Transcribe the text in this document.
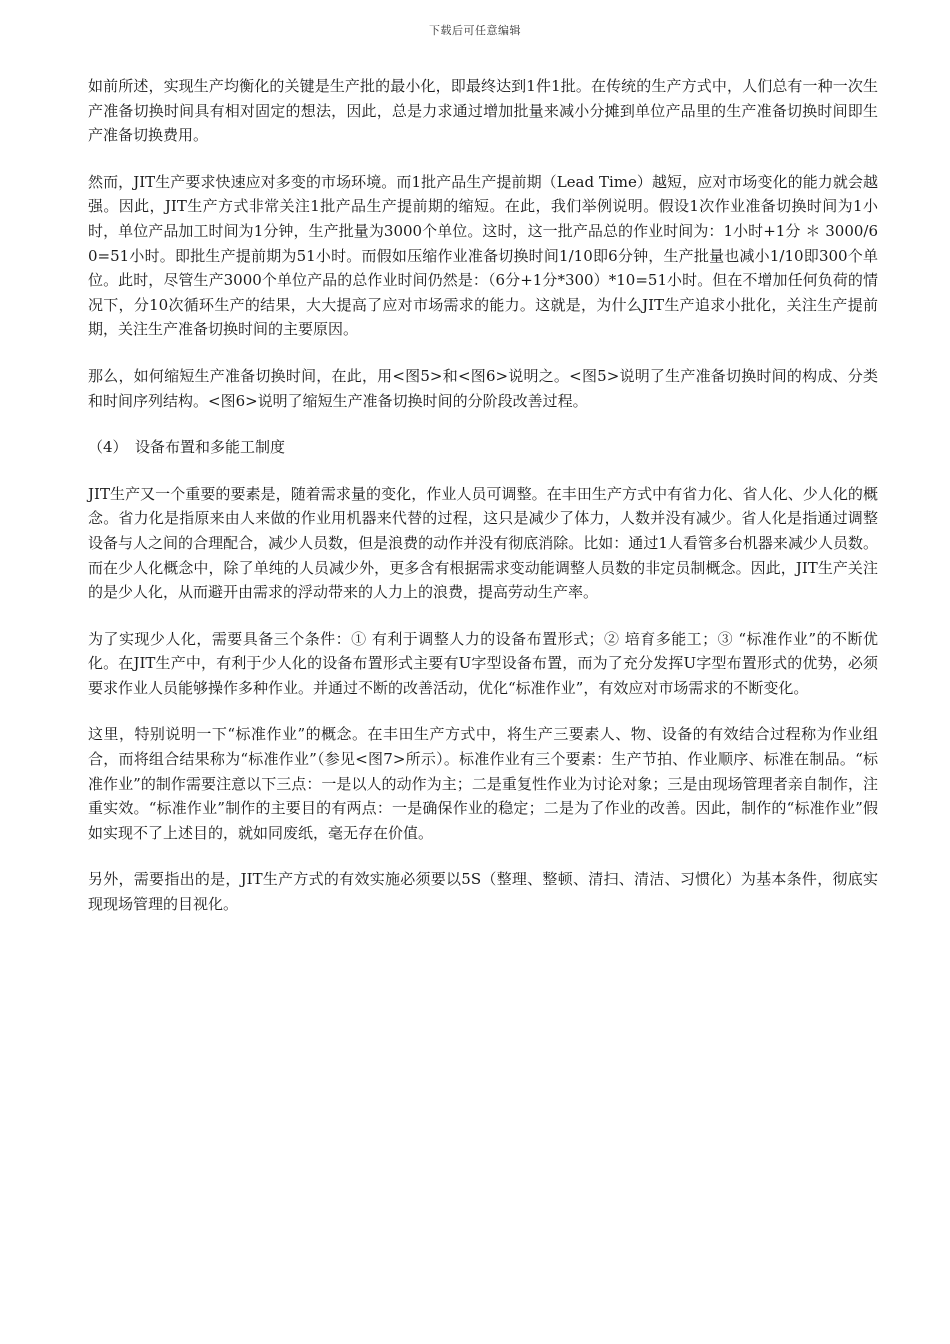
下载后可任意编辑

如前所述，实现生产均衡化的关键是生产批的最小化，即最终达到1件1批。在传统的生产方式中，人们总有一种一次生产准备切换时间具有相对固定的想法，因此，总是力求通过增加批量来减小分摊到单位产品里的生产准备切换时间即生产准备切换费用。

然而，JIT生产要求快速应对多变的市场环境。而1批产品生产提前期（Lead Time）越短，应对市场变化的能力就会越强。因此，JIT生产方式非常关注1批产品生产提前期的缩短。在此，我们举例说明。假设1次作业准备切换时间为1小时，单位产品加工时间为1分钟，生产批量为3000个单位。这时，这一批产品总的作业时间为：1小时+1分 ＊ 3000/60=51小时。即批生产提前期为51小时。而假如压缩作业准备切换时间1/10即6分钟，生产批量也减小1/10即300个单位。此时，尽管生产3000个单位产品的总作业时间仍然是：（6分+1分*300）*10=51小时。但在不增加任何负荷的情况下，分10次循环生产的结果，大大提高了应对市场需求的能力。这就是，为什么JIT生产追求小批化，关注生产提前期，关注生产准备切换时间的主要原因。

那么，如何缩短生产准备切换时间，在此，用<图5>和<图6>说明之。<图5>说明了生产准备切换时间的构成、分类和时间序列结构。<图6>说明了缩短生产准备切换时间的分阶段改善过程。

（4）　设备布置和多能工制度

JIT生产又一个重要的要素是，随着需求量的变化，作业人员可调整。在丰田生产方式中有省力化、省人化、少人化的概念。省力化是指原来由人来做的作业用机器来代替的过程，这只是减少了体力，人数并没有减少。省人化是指通过调整设备与人之间的合理配合，减少人员数，但是浪费的动作并没有彻底消除。比如：通过1人看管多台机器来减少人员数。而在少人化概念中，除了单纯的人员减少外，更多含有根据需求变动能调整人员数的非定员制概念。因此，JIT生产关注的是少人化，从而避开由需求的浮动带来的人力上的浪费，提高劳动生产率。

为了实现少人化，需要具备三个条件：① 有利于调整人力的设备布置形式；② 培育多能工；③ “标准作业”的不断优化。在JIT生产中，有利于少人化的设备布置形式主要有U字型设备布置，而为了充分发挥U字型布置形式的优势，必须要求作业人员能够操作多种作业。并通过不断的改善活动，优化“标准作业”，有效应对市场需求的不断变化。

这里，特别说明一下“标准作业”的概念。在丰田生产方式中，将生产三要素人、物、设备的有效结合过程称为作业组合，而将组合结果称为“标准作业”（参见<图7>所示）。标准作业有三个要素：生产节拍、作业顺序、标准在制品。“标准作业”的制作需要注意以下三点：一是以人的动作为主；二是重复性作业为讨论对象；三是由现场管理者亲自制作，注重实效。“标准作业”制作的主要目的有两点：一是确保作业的稳定；二是为了作业的改善。因此，制作的“标准作业”假如实现不了上述目的，就如同废纸，毫无存在价值。

另外，需要指出的是，JIT生产方式的有效实施必须要以5S（整理、整顿、清扫、清洁、习惯化）为基本条件，彻底实现现场管理的目视化。
